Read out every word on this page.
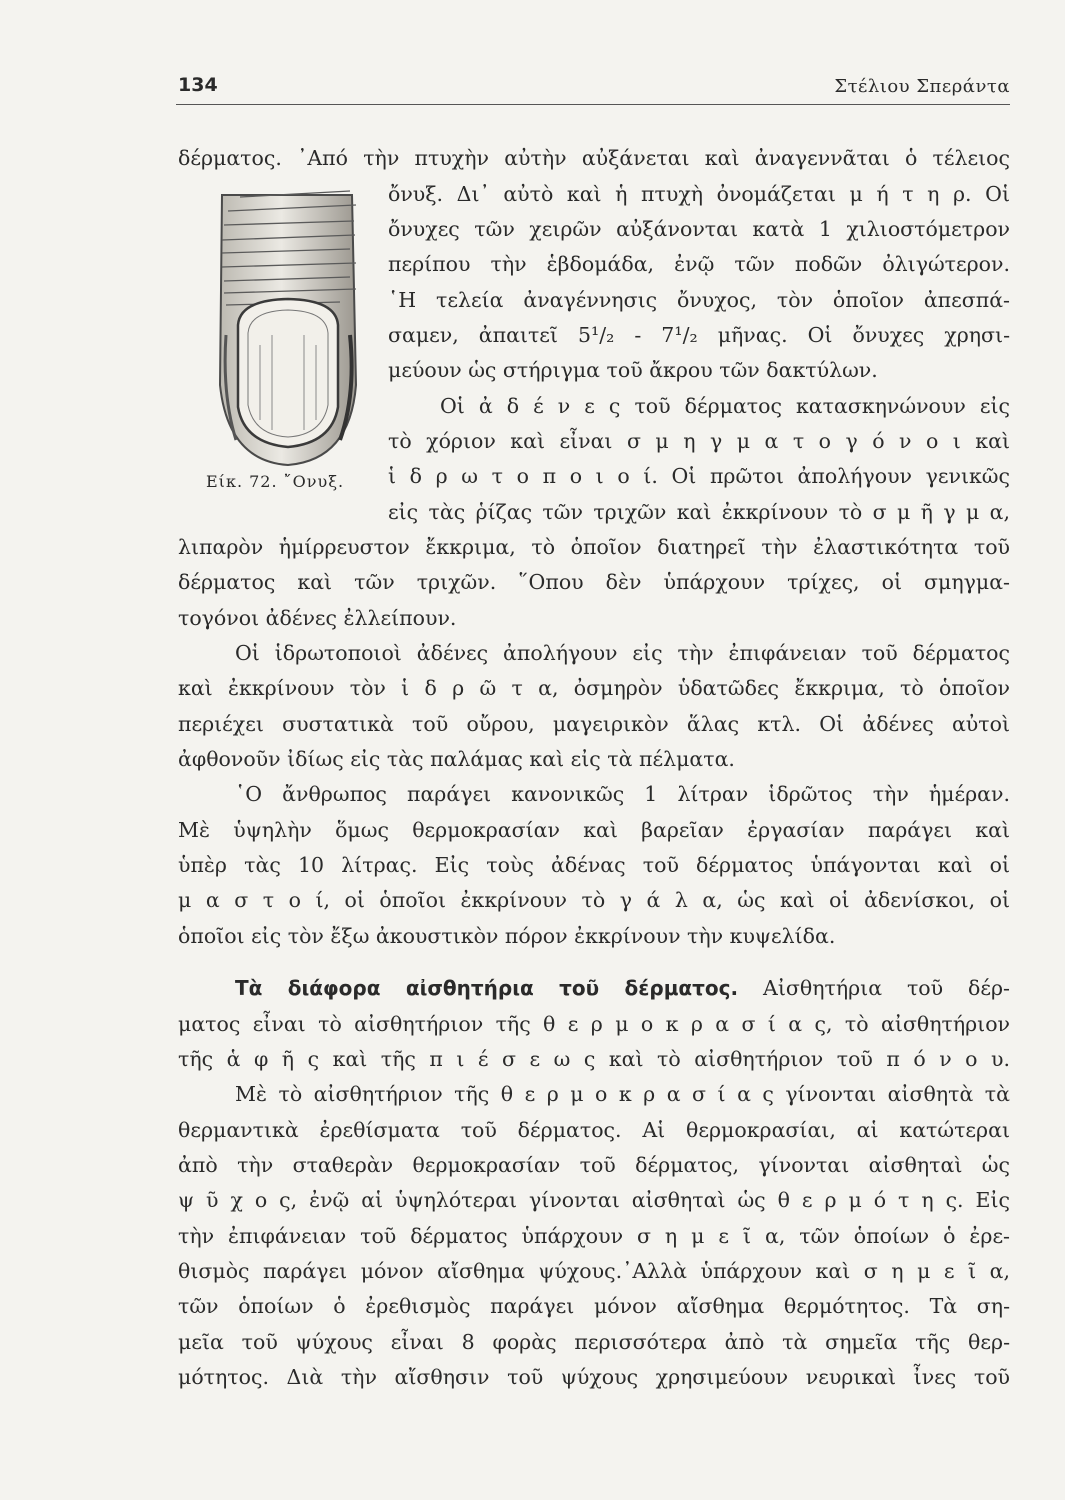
134	Στέλιου Σπεράντα
Είκ. 72. ῎Ονυξ.
δέρματος. ᾿Από τὴν πτυχὴν αὐτὴν αὐξάνεται καὶ ἀναγεννᾶται ὁ τέλειος
ὄνυξ. Δι᾿ αὐτὸ καὶ ἡ πτυχὴ ὀνομάζεται μ ή τ η ρ. Οἱ
ὄνυχες τῶν χειρῶν αὐξάνονται κατὰ 1 χιλιοστόμετρον
περίπου τὴν ἑβδομάδα, ἐνῷ τῶν ποδῶν ὀλιγώτερον.
῾Η τελεία ἀναγέννησις ὄνυχος, τὸν ὁποῖον ἀπεσπά-
σαμεν, ἀπαιτεῖ 5¹/₂ - 7¹/₂ μῆνας. Οἱ ὄνυχες χρησι-
μεύουν ὡς στήριγμα τοῦ ἄκρου τῶν δακτύλων.
Οἱ ἀ δ έ ν ε ς τοῦ δέρματος κατασκηνώνουν εἰς
τὸ χόριον καὶ εἶναι σ μ η γ μ α τ ο γ ό ν ο ι καὶ
ἱ δ ρ ω τ ο π ο ι ο ί. Οἱ πρῶτοι ἀπολήγουν γενικῶς
εἰς τὰς ῥίζας τῶν τριχῶν καὶ ἐκκρίνουν τὸ σ μ ῆ γ μ α,
λιπαρὸν ἡμίρρευστον ἔκκριμα, τὸ ὁποῖον διατηρεῖ τὴν ἐλαστικότητα τοῦ
δέρματος καὶ τῶν τριχῶν. ῞Οπου δὲν ὑπάρχουν τρίχες, οἱ σμηγμα-
τογόνοι ἀδένες ἐλλείπουν.
Οἱ ἱδρωτοποιοὶ ἀδένες ἀπολήγουν εἰς τὴν ἐπιφάνειαν τοῦ δέρματος
καὶ ἐκκρίνουν τὸν ἱ δ ρ ῶ τ α, ὀσμηρὸν ὑδατῶδες ἔκκριμα, τὸ ὁποῖον
περιέχει συστατικὰ τοῦ οὔρου, μαγειρικὸν ἅλας κτλ. Οἱ ἀδένες αὐτοὶ
ἀφθονοῦν ἰδίως εἰς τὰς παλάμας καὶ εἰς τὰ πέλματα.
῾Ο ἄνθρωπος παράγει κανονικῶς 1 λίτραν ἱδρῶτος τὴν ἡμέραν.
Μὲ ὑψηλὴν ὅμως θερμοκρασίαν καὶ βαρεῖαν ἐργασίαν παράγει καὶ
ὑπὲρ τὰς 10 λίτρας. Εἰς τοὺς ἀδένας τοῦ δέρματος ὑπάγονται καὶ οἱ
μ α σ τ ο ί, οἱ ὁποῖοι ἐκκρίνουν τὸ γ ά λ α, ὡς καὶ οἱ ἀδενίσκοι, οἱ
ὁποῖοι εἰς τὸν ἔξω ἀκουστικὸν πόρον ἐκκρίνουν τὴν κυψελίδα.
Τὰ διάφορα αἰσθητήρια τοῦ δέρματος. Αἰσθητήρια τοῦ δέρ-
ματος εἶναι τὸ αἰσθητήριον τῆς θ ε ρ μ ο κ ρ α σ ί α ς, τὸ αἰσθητήριον
τῆς ἁ φ ῆ ς καὶ τῆς π ι έ σ ε ω ς καὶ τὸ αἰσθητήριον τοῦ π ό ν ο υ.
Μὲ τὸ αἰσθητήριον τῆς θ ε ρ μ ο κ ρ α σ ί α ς γίνονται αἰσθητὰ τὰ
θερμαντικὰ ἐρεθίσματα τοῦ δέρματος. Αἱ θερμοκρασίαι, αἱ κατώτεραι
ἀπὸ τὴν σταθερὰν θερμοκρασίαν τοῦ δέρματος, γίνονται αἰσθηταὶ ὡς
ψ ῦ χ ο ς, ἐνῷ αἱ ὑψηλότεραι γίνονται αἰσθηταὶ ὡς θ ε ρ μ ό τ η ς. Εἰς
τὴν ἐπιφάνειαν τοῦ δέρματος ὑπάρχουν σ η μ ε ῖ α, τῶν ὁποίων ὁ ἐρε-
θισμὸς παράγει μόνον αἴσθημα ψύχους.᾿Αλλὰ ὑπάρχουν καὶ σ η μ ε ῖ α,
τῶν ὁποίων ὁ ἐρεθισμὸς παράγει μόνον αἴσθημα θερμότητος. Τὰ ση-
μεῖα τοῦ ψύχους εἶναι 8 φορὰς περισσότερα ἀπὸ τὰ σημεῖα τῆς θερ-
μότητος. Διὰ τὴν αἴσθησιν τοῦ ψύχους χρησιμεύουν νευρικαὶ ἶνες τοῦ
